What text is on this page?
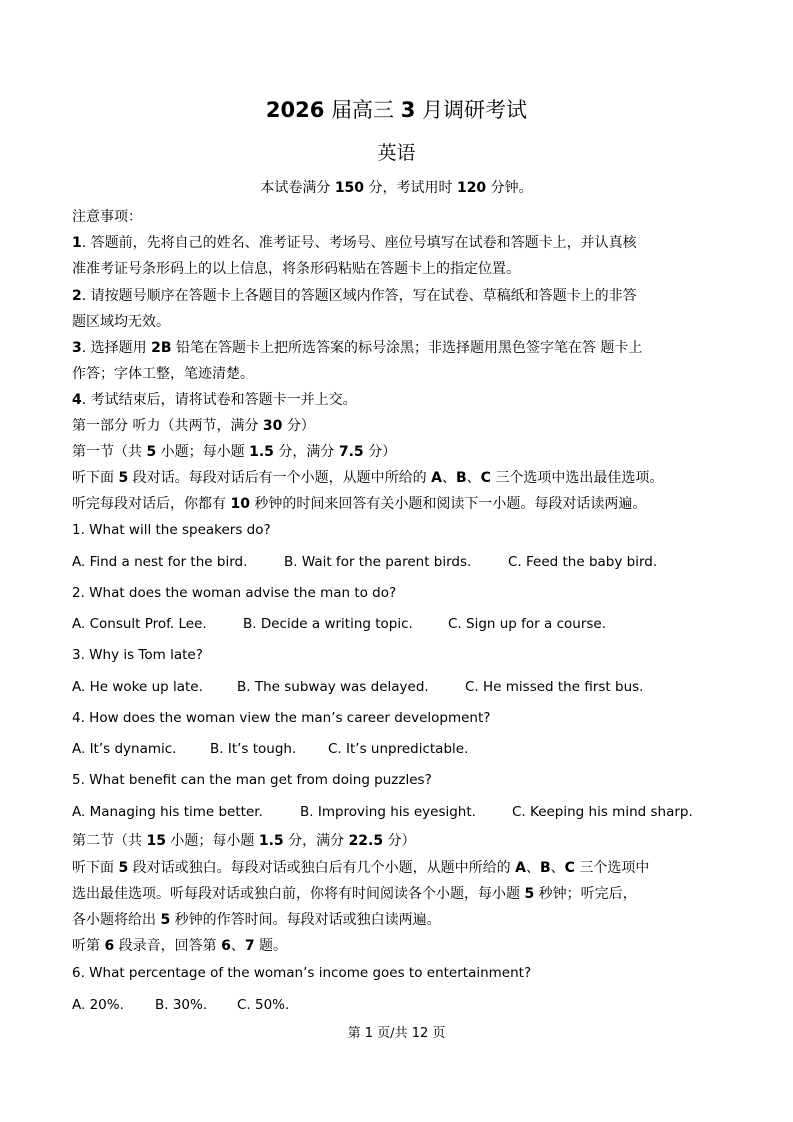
2026 届高三 3 月调研考试
英语
本试卷满分 150 分，考试用时 120 分钟。
注意事项：
1. 答题前，先将自己的姓名、准考证号、考场号、座位号填写在试卷和答题卡上，并认真核
准准考证号条形码上的以上信息，将条形码粘贴在答题卡上的指定位置。
2. 请按题号顺序在答题卡上各题目的答题区域内作答，写在试卷、草稿纸和答题卡上的非答
题区域均无效。
3. 选择题用 2B 铅笔在答题卡上把所选答案的标号涂黑；非选择题用黑色签字笔在答 题卡上
作答；字体工整，笔迹清楚。
4. 考试结束后，请将试卷和答题卡一并上交。
第一部分 听力（共两节，满分 30 分）
第一节（共 5 小题；每小题 1.5 分，满分 7.5 分）
听下面 5 段对话。每段对话后有一个小题，从题中所给的 A、B、C 三个选项中选出最佳选项。
听完每段对话后，你都有 10 秒钟的时间来回答有关小题和阅读下一小题。每段对话读两遍。
1. What will the speakers do?
A. Find a nest for the bird.	B. Wait for the parent birds.	C. Feed the baby bird.
2. What does the woman advise the man to do?
A. Consult Prof. Lee.	B. Decide a writing topic.	C. Sign up for a course.
3. Why is Tom late?
A. He woke up late.	B. The subway was delayed.	C. He missed the first bus.
4. How does the woman view the man’s career development?
A. It’s dynamic. B. It’s tough. C. It’s unpredictable.
5. What benefit can the man get from doing puzzles?
A. Managing his time better.	B. Improving his eyesight.	C. Keeping his mind sharp.
第二节（共 15 小题；每小题 1.5 分，满分 22.5 分）
听下面 5 段对话或独白。每段对话或独白后有几个小题，从题中所给的 A、B、C 三个选项中
选出最佳选项。听每段对话或独白前，你将有时间阅读各个小题，每小题 5 秒钟；听完后，
各小题将给出 5 秒钟的作答时间。每段对话或独白读两遍。
听第 6 段录音，回答第 6、7 题。
6. What percentage of the woman’s income goes to entertainment?
A. 20%. B. 30%. C. 50%.
第 1 页/共 12 页
